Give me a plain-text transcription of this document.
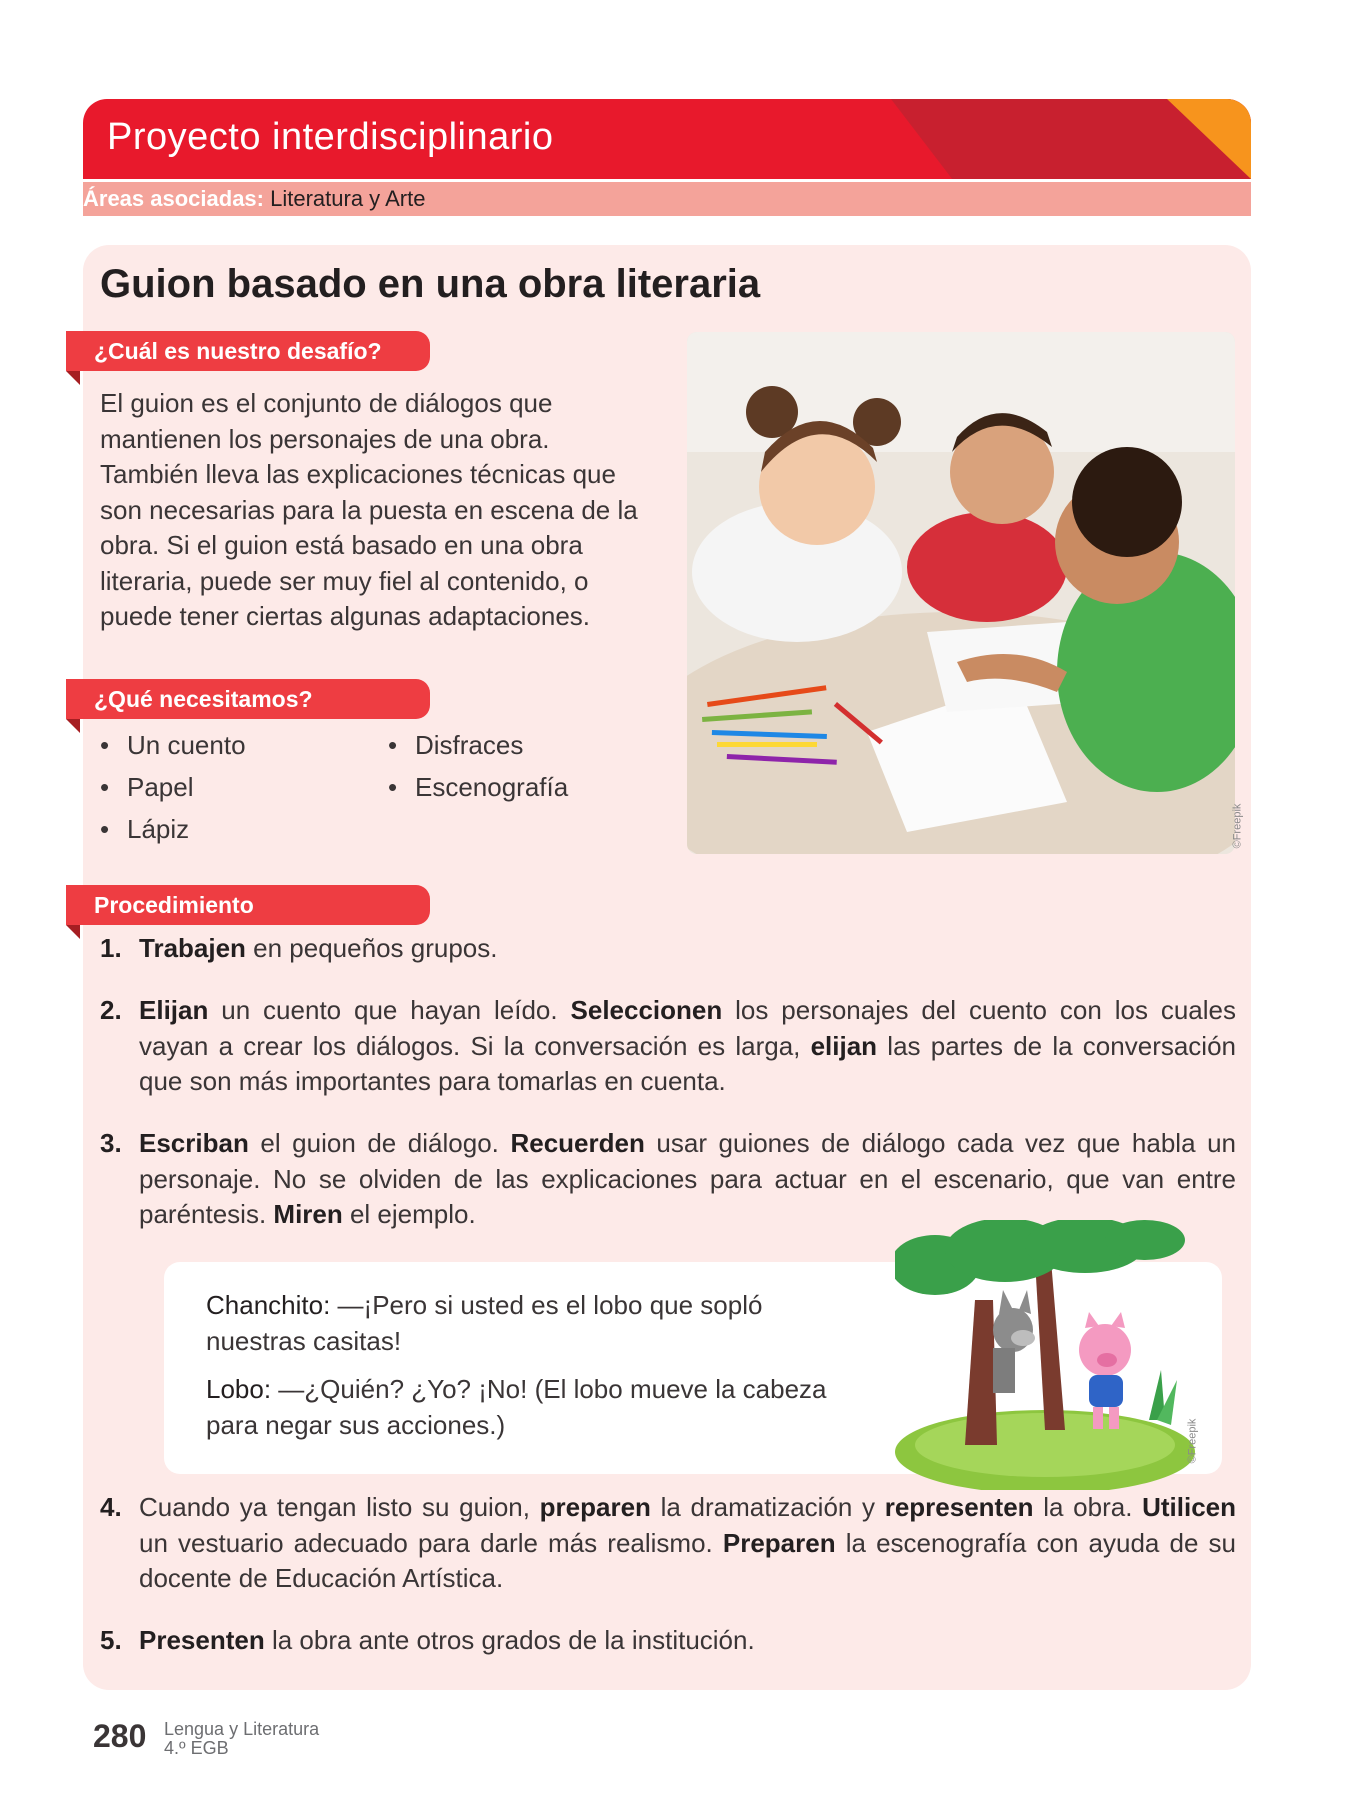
Proyecto interdisciplinario
DUA
Participación
Áreas asociadas: Literatura y Arte
Guion basado en una obra literaria
¿Cuál es nuestro desafío?

El guion es el conjunto de diálogos que mantienen los personajes de una obra. También lleva las explicaciones técnicas que son necesarias para la puesta en escena de la obra. Si el guion está basado en una obra literaria, puede ser muy fiel al contenido, o puede tener ciertas algunas adaptaciones.

¿Qué necesitamos?
• Un cuento
• Papel
• Lápiz
• Disfraces
• Escenografía
©Freepik
Procedimiento
1. Trabajen en pequeños grupos.
2. Elijan un cuento que hayan leído. Seleccionen los personajes del cuento con los cuales vayan a crear los diálogos. Si la conversación es larga, elijan las partes de la conversación que son más importantes para tomarlas en cuenta.
3. Escriban el guion de diálogo. Recuerden usar guiones de diálogo cada vez que habla un personaje. No se olviden de las explicaciones para actuar en el escenario, que van entre paréntesis. Miren el ejemplo.
4. Cuando ya tengan listo su guion, preparen la dramatización y representen la obra. Utilicen un vestuario adecuado para darle más realismo. Preparen la escenografía con ayuda de su docente de Educación Artística.
5. Presenten la obra ante otros grados de la institución.
Chanchito: —¡Pero si usted es el lobo que sopló nuestras casitas!
Lobo: —¿Quién? ¿Yo? ¡No! (El lobo mueve la cabeza para negar sus acciones.)	©Freepik
280 Lengua y Literatura
4.º EGB
